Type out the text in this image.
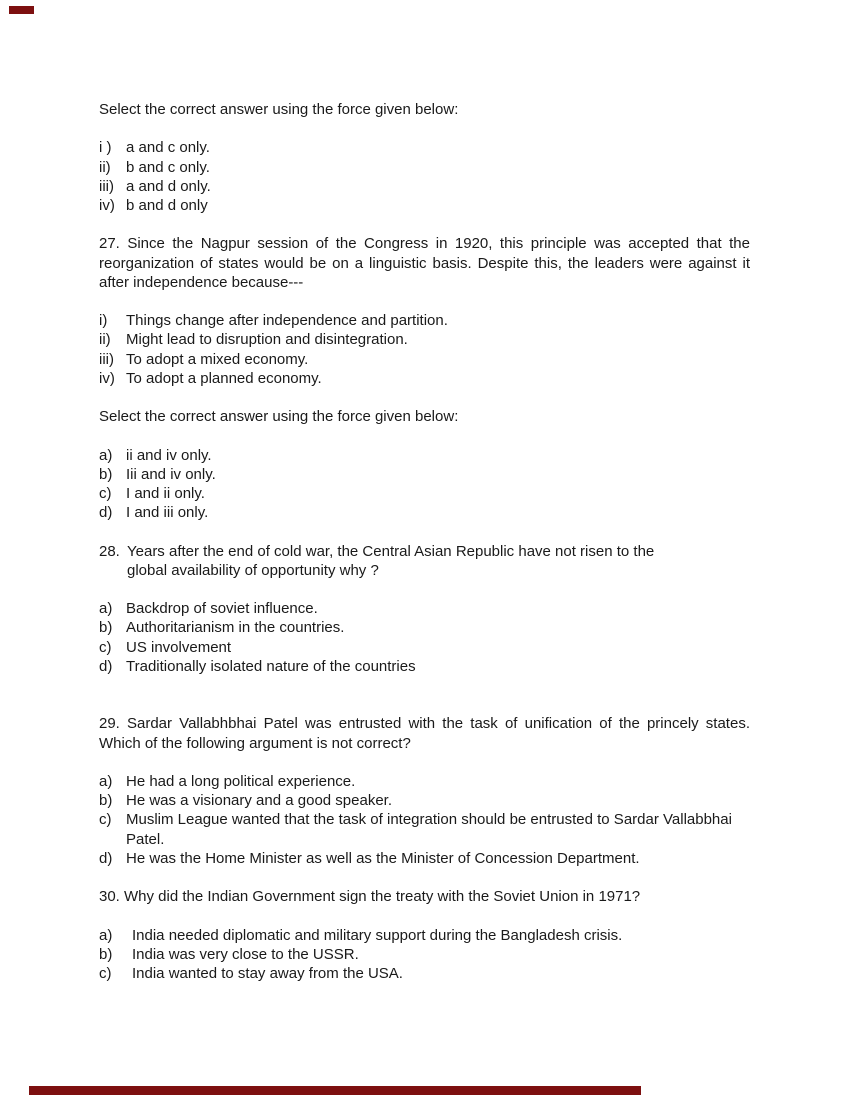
Select the correct answer using the force given below:

i ) a and c only.
ii)	b and c only.
iii) a and d only.
iv) b and d only

27. Since the Nagpur session of the Congress in 1920, this principle was accepted that the reorganization of states would be on a linguistic basis. Despite this, the leaders were against it after independence because---

i)	Things change after independence and partition.
ii)	Might lead to disruption and disintegration.
iii) To adopt a mixed economy.
iv) To adopt a planned economy.

Select the correct answer using the force given below:

a) ii and iv only.
b) Iii and iv only.
c) I and ii only.
d) I and iii only.
28. Years after the end of cold war, the Central Asian Republic have not risen to the global availability of opportunity why ?
a) Backdrop of soviet influence.
b) Authoritarianism in the countries.
c) US involvement
d) Traditionally isolated nature of the countries

29. Sardar Vallabhbhai Patel was entrusted with the task of unification of the princely states. Which of the following argument is not correct?

a) He had a long political experience.
b) He was a visionary and a good speaker.
c) Muslim League wanted that the task of integration should be entrusted to Sardar Vallabbhai Patel.
d) He was the Home Minister as well as the Minister of Concession Department.

30. Why did the Indian Government sign the treaty with the Soviet Union in 1971?

a)	India needed diplomatic and military support during the Bangladesh crisis.
b)	India was very close to the USSR.
c)	India wanted to stay away from the USA.
